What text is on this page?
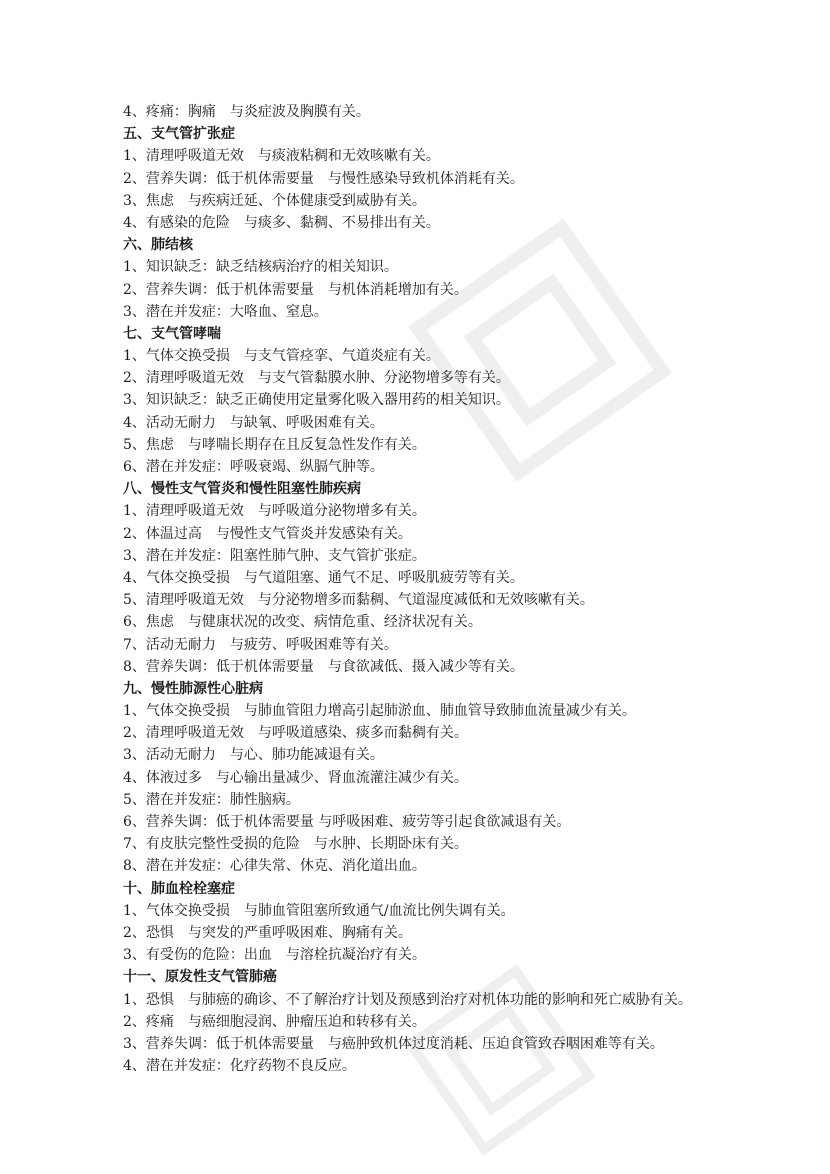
4、疼痛：胸痛　与炎症波及胸膜有关。
五、支气管扩张症
1、清理呼吸道无效　与痰液粘稠和无效咳嗽有关。
2、营养失调：低于机体需要量　与慢性感染导致机体消耗有关。
3、焦虑　与疾病迁延、个体健康受到威胁有关。
4、有感染的危险　与痰多、黏稠、不易排出有关。
六、肺结核
1、知识缺乏：缺乏结核病治疗的相关知识。
2、营养失调：低于机体需要量　与机体消耗增加有关。
3、潜在并发症：大咯血、窒息。
七、支气管哮喘
1、气体交换受损　与支气管痉挛、气道炎症有关。
2、清理呼吸道无效　与支气管黏膜水肿、分泌物增多等有关。
3、知识缺乏：缺乏正确使用定量雾化吸入器用药的相关知识。
4、活动无耐力　与缺氧、呼吸困难有关。
5、焦虑　与哮喘长期存在且反复急性发作有关。
6、潜在并发症：呼吸衰竭、纵膈气肿等。
八、慢性支气管炎和慢性阻塞性肺疾病
1、清理呼吸道无效　与呼吸道分泌物增多有关。
2、体温过高　与慢性支气管炎并发感染有关。
3、潜在并发症：阻塞性肺气肿、支气管扩张症。
4、气体交换受损　与气道阻塞、通气不足、呼吸肌疲劳等有关。
5、清理呼吸道无效　与分泌物增多而黏稠、气道湿度减低和无效咳嗽有关。
6、焦虑　与健康状况的改变、病情危重、经济状况有关。
7、活动无耐力　与疲劳、呼吸困难等有关。
8、营养失调：低于机体需要量　与食欲减低、摄入减少等有关。
九、慢性肺源性心脏病
1、气体交换受损　与肺血管阻力增高引起肺淤血、肺血管导致肺血流量减少有关。
2、清理呼吸道无效　与呼吸道感染、痰多而黏稠有关。
3、活动无耐力　与心、肺功能减退有关。
4、体液过多　与心输出量减少、肾血流灌注减少有关。
5、潜在并发症：肺性脑病。
6、营养失调：低于机体需要量 与呼吸困难、疲劳等引起食欲减退有关。
7、有皮肤完整性受损的危险　与水肿、长期卧床有关。
8、潜在并发症：心律失常、休克、消化道出血。
十、肺血栓栓塞症
1、气体交换受损　与肺血管阻塞所致通气/血流比例失调有关。
2、恐惧　与突发的严重呼吸困难、胸痛有关。
3、有受伤的危险：出血　与溶栓抗凝治疗有关。
十一、原发性支气管肺癌
1、恐惧　与肺癌的确诊、不了解治疗计划及预感到治疗对机体功能的影响和死亡威胁有关。
2、疼痛　与癌细胞浸润、肿瘤压迫和转移有关。
3、营养失调：低于机体需要量　与癌肿致机体过度消耗、压迫食管致吞咽困难等有关。
4、潜在并发症：化疗药物不良反应。
